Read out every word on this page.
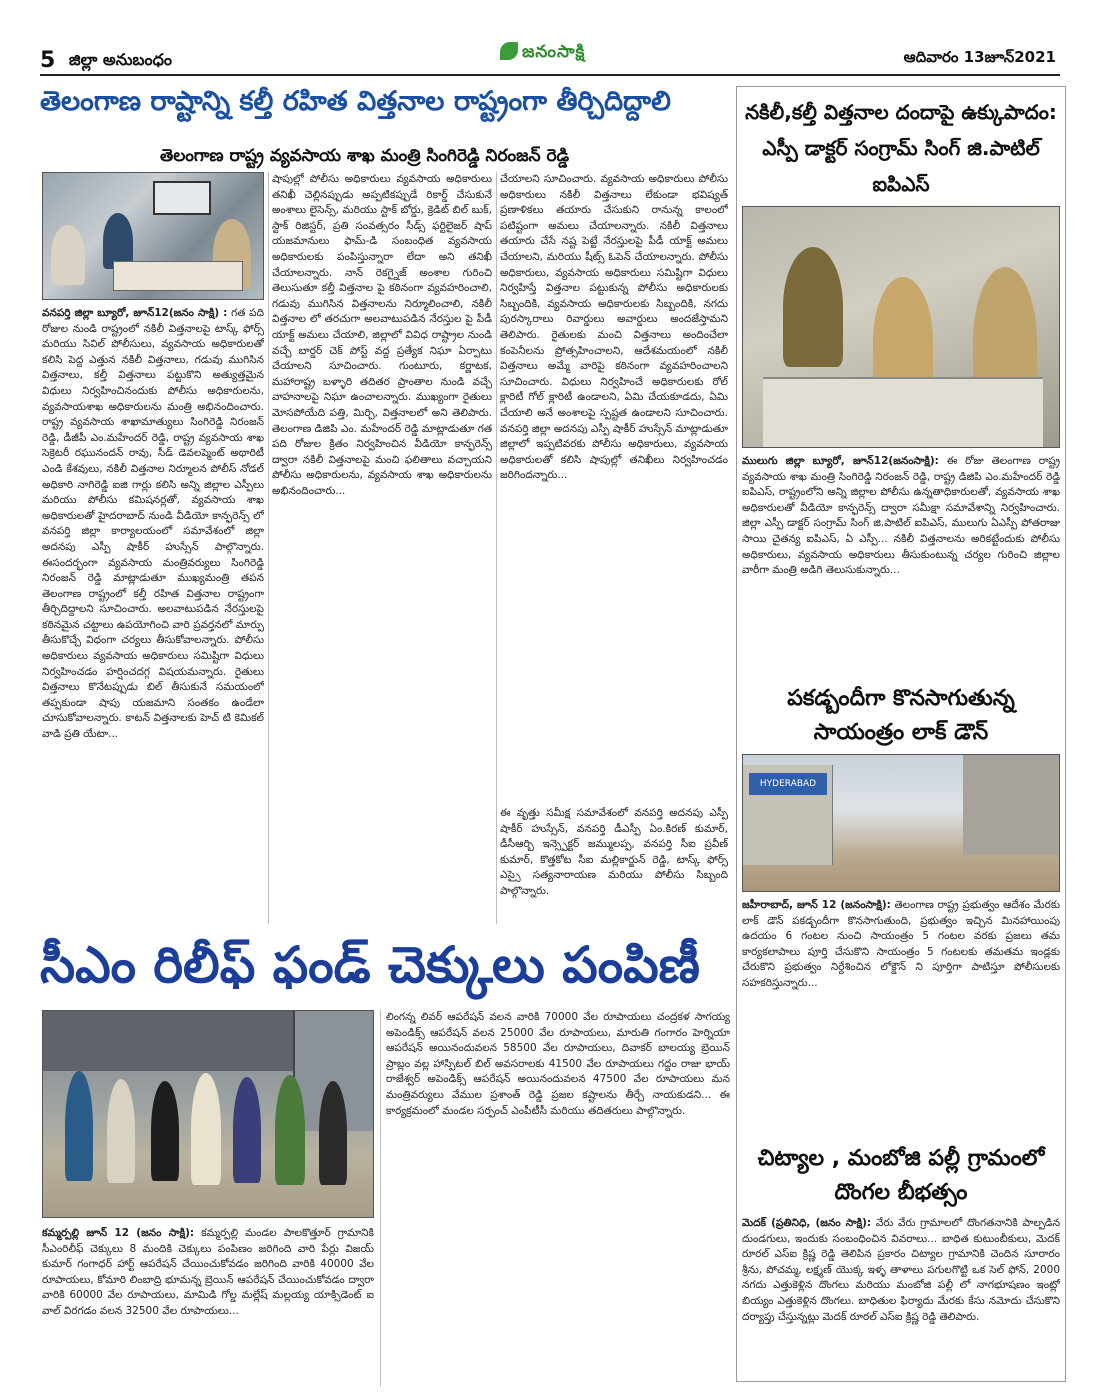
5 జిల్లా అనుబంధం	జనంసాక్షి	ఆదివారం 13జూన్2021
తెలంగాణ రాష్టాన్ని కల్తీ రహిత విత్తనాల రాష్ట్రంగా తీర్చిదిద్దాలి
తెలంగాణ రాష్ట్ర వ్యవసాయ శాఖ మంత్రి సింగిరెడ్డి నిరంజన్ రెడ్డి
వనపర్తి జిల్లా బ్యూరో, జూన్12(జనం సాక్షి) : గత పది రోజుల నుండి రాష్ట్రంలో నకిలీ విత్తనాలపై టాస్క్ ఫోర్స్ మరియు సివిల్ పోలీసులు, వ్యవసాయ అధికారులతో కలిసి పెద్ద ఎత్తున నకిలీ విత్తనాలు, గడువు ముగిసిన విత్తనాలు, కల్తీ విత్తనాలు పట్టుకొని అత్యుత్తమైన విధులు నిర్వహించినందుకు పోలీసు అధికారులను, వ్యవసాయశాఖ అధికారులను మంత్రి అభినందించారు. రాష్ట్ర వ్యవసాయ శాఖామాత్యులు సింగిరెడ్డి నిరంజన్ రెడ్డి, డీజీపీ ఎం.మహేందర్ రెడ్డి, రాష్ట్ర వ్యవసాయ శాఖ సెక్రెటరీ రఘునందన్ రావు, సీడ్ డెవలప్మెంట్ అథారిటీ ఎండి కేశవులు, నకిలీ విత్తనాల నిర్మూలన పోలీస్ నోడల్ అధికారి నాగిరెడ్డి ఐజి గార్లు కలిసి అన్ని జిల్లాల ఎస్పీలు మరియు పోలీసు కమిషనర్లతో, వ్యవసాయ శాఖ అధికారులతో హైదరాబాద్ నుండి వీడియో కాన్ఫరెన్స్ లో వనపర్తి జిల్లా కార్యాలయంలో సమావేశంలో జిల్లా అదనపు ఎస్పీ షాకీర్ హుస్సేన్ పాల్గొన్నారు. ఈసందర్భంగా వ్యవసాయ మంత్రివర్యులు సింగిరెడ్డి నిరంజన్ రెడ్డి మాట్లాడుతూ ముఖ్యమంత్రి తపన తెలంగాణ రాష్ట్రంలో కల్తీ రహిత విత్తనాల రాష్ట్రంగా తీర్చిదిద్దాలని సూచించారు. అలవాటుపడిన నేరస్తులపై కఠినమైన చట్టాలు ఉపయోగించి వారి ప్రవర్తనలో మార్పు తీసుకొచ్చే విధంగా చర్యలు తీసుకోవాలన్నారు. పోలీసు అధికారులు వ్యవసాయ అధికారులు సమిష్టిగా విధులు నిర్వహించడం హర్షించదగ్గ విషయమన్నారు. రైతులు విత్తనాలు కొనేటప్పుడు బిల్ తీసుకునే సమయంలో తప్పకుండా షాపు యజమాని సంతకం ఉండేలా చూసుకోవాలన్నారు. కాటన్ విత్తనాలకు హెచ్ టి కెమికల్ వాడి ప్రతి యేటా...
షాపుల్లో పోలీసు అధికారులు వ్యవసాయ అధికారులు తనిఖీ చెల్లినప్పుడు అప్పటికప్పుడే రికార్డ్ చేసుకునే అంశాలు లైసెన్స్, మరియు స్టాక్ బోర్డు, క్రెడిట్ బిల్ బుక్, స్టాక్ రిజిస్టర్, ప్రతి సంవత్సరం సీడ్స్ ఫర్టిలైజర్ షాప్ యజమానులు ఫామ్-డి సంబంధిత వ్యవసాయ అధికారులకు పంపిస్తున్నారా లేదా అని తనిఖీ చేయాలన్నారు. నాన్ రెకగ్నైజ్ అంశాల గురించి తెలుసుతూ కల్తీ విత్తనాల పై కఠినంగా వ్యవహరించాలి, గడువు ముగిసిన విత్తనాలను నిర్మూలించాలి, నకిలీ విత్తనాల లో తరచుగా అలవాటుపడిన నేరస్తుల పై పీడీ యాక్ట్ అమలు చేయాలి, జిల్లాలో వివిధ రాష్ట్రాల నుండి వచ్చే బార్డర్ చెక్ పోస్ట్ వద్ద ప్రత్యేక నిఘా ఏర్పాటు చేయాలని సూచించారు. గుంటూరు, కర్ణాటక, మహారాష్ట్ర బళ్ళారి తదితర ప్రాంతాల నుండి వచ్చే వాహనాలపై నిఘా ఉంచాలన్నారు. ముఖ్యంగా రైతులు మోసపోయేది పత్తి, మిర్చి, విత్తనాలలో అని తెలిపారు. తెలంగాణ డిజిపి ఎం. మహేందర్ రెడ్డి మాట్లాడుతూ గత పది రోజుల క్రితం నిర్వహించిన వీడియో కాన్ఫరెన్స్ ద్వారా నకిలీ విత్తనాలపై మంచి ఫలితాలు వచ్చాయని పోలీసు అధికారులను, వ్యవసాయ శాఖ అధికారులను అభినందించారు...
చేయాలని సూచించారు. వ్యవసాయ అధికారులు పోలీసు అధికారులు నకిలీ విత్తనాలు లేకుండా భవిష్యత్ ప్రణాళికలు తయారు చేసుకుని రానున్న కాలంలో పటిష్టంగా అమలు చేయాలన్నారు. నకిలీ విత్తనాలు తయారు చేసే నష్ట పెట్టే నేరస్తులపై పీడీ యాక్ట్ అమలు చేయాలని, మరియు షీట్స్ ఓపెన్ చేయాలన్నారు. పోలీసు అధికారులు, వ్యవసాయ అధికారులు సమిష్టిగా విధులు నిర్వహిస్తే విత్తనాల పట్టుకున్న పోలీసు అధికారులకు సిబ్బందికి, వ్యవసాయ అధికారులకు సిబ్బందికి, నగదు పురస్కారాలు రివార్డులు అవార్డులు అందజేస్తామని తెలిపారు. రైతులకు మంచి విత్తనాలు అందించేలా కంపెనీలను ప్రోత్సహించాలని, ఆదేశమయంలో నకిలీ విత్తనాలు అమ్మే వారిపై కఠినంగా వ్యవహరించాలని సూచించారు. విధులు నిర్వహించే అధికారులకు రోల్ క్లారిటీ గోల్ క్లారిటీ ఉండాలని, ఏమి చేయకూడదు, ఏమి చేయాలి అనే అంశాలపై స్పష్టత ఉండాలని సూచించారు. వనపర్తి జిల్లా అదనపు ఎస్పీ షాకీర్ హుస్సేన్ మాట్లాడుతూ జిల్లాలో ఇప్పటివరకు పోలీసు అధికారులు, వ్యవసాయ అధికారులతో కలిసి షాపుల్లో తనిఖీలు నిర్వహించడం జరిగిందన్నారు...
ఈ వృత్తు సమీక్ష సమావేశంలో వనపర్తి అదనపు ఎస్పీ షాకీర్ హుస్సేన్, వనపర్తి డీఎస్పీ ఏం.కిరణ్ కుమార్, డీసీఆర్బి ఇన్స్పెక్టర్ జమ్ములప్ప, వనపర్తి సీఐ ప్రవీణ్ కుమార్, కొత్తకోట సీఐ మల్లికార్జున్ రెడ్డి, టాస్క్ ఫోర్స్ ఎస్సై సత్యనారాయణ మరియు పోలీసు సిబ్బంది పాల్గొన్నారు.
సీఎం రిలీఫ్ ఫండ్ చెక్కులు పంపిణీ
కమ్మర్పల్లి జూన్ 12 (జనం సాక్షి): కమ్మర్పల్లి మండల పాలకొత్తూర్ గ్రామానికి సీఎంరిలీఫ్ చెక్కులు 8 మందికి చెక్కులు పంపిణం జరిగింది వారి పేర్లు విజయ్ కుమార్ గంగాధర్ హార్ట్ ఆపరేషన్ చేయించుకోవడం జరిగింది వారికి 40000 వేల రూపాయలు, కోమారి లింబాద్రి భూమన్న బ్రెయిన్ ఆపరేషన్ చేయించుకోవడం ద్వారా వారికి 60000 వేల రూపాయలు, మామిడి గోల్డ మల్లేష్ మల్లయ్య యాక్సిడెంట్ ఐ వాల్ విరగడం వలన 32500 వేల రూపాయలు...
లింగన్న లివర్ ఆపరేషన్ వలన వారికి 70000 వేల రూపాయలు చంద్రకళ సాగయ్య అపెండిక్స్ ఆపరేషన్ వలన 25000 వేల రూపాయలు, మారుతి గంగారం హెర్నియా ఆపరేషన్ అయినందువలన 58500 వేల రూపాయలు, దివాకర్ బాలయ్య బ్రెయిన్ ప్రాబ్లం వల్ల హాస్పిటల్ బిల్ అవసరాలకు 41500 వేల రూపాయలు గద్దం రాజు భాయ్ రాజేశ్వర్ అపెండిక్స్ ఆపరేషన్ అయినందువలన 47500 వేల రూపాయలు మన మంత్రివర్యులు వేముల ప్రశాంత్ రెడ్డి ప్రజల కష్టాలను తీర్చే నాయకుడని... ఈ కార్యక్రమంలో మండల సర్పంచ్ ఎంపీటీసీ మరియు తదితరులు పాల్గొన్నారు.
నకిలీ,కల్తీ విత్తనాల దందాపై ఉక్కుపాదం: ఎస్పీ డాక్టర్ సంగ్రామ్ సింగ్ జి.పాటిల్ ఐపిఎస్
ములుగు జిల్లా బ్యూరో, జూన్12(జనంసాక్షి): ఈ రోజు తెలంగాణ రాష్ట్ర వ్యవసాయ శాఖ మంత్రి సింగిరెడ్డి నిరంజన్ రెడ్డి, రాష్ట్ర డిజిపి ఎం.మహేందర్ రెడ్డి ఐపిఎస్, రాష్ట్రంలోని అన్ని జిల్లాల పోలీసు ఉన్నతాధికారులతో, వ్యవసాయ శాఖ అధికారులతో వీడియో కాన్ఫరెన్స్ ద్వారా సమీక్షా సమావేశాన్ని నిర్వహించారు. జిల్లా ఎస్పీ డాక్టర్ సంగ్రామ్ సింగ్ జి.పాటిల్ ఐపిఎస్, ములుగు ఏఎస్పీ పోతరాజు సాయి చైతన్య ఐపిఎస్, ఏ ఎస్పీ... నకిలీ విత్తనాలను అరికట్టేందుకు పోలీసు అధికారులు, వ్యవసాయ అధికారులు తీసుకుంటున్న చర్యల గురించి జిల్లాల వారీగా మంత్రి అడిగి తెలుసుకున్నారు...
పకడ్బందీగా కొనసాగుతున్న సాయంత్రం లాక్ డౌన్
HYDERABAD
జహీరాబాద్, జూన్ 12 (జనంసాక్షి): తెలంగాణ రాష్ట్ర ప్రభుత్వం ఆదేశం మేరకు లాక్ డౌన్ పకడ్బందీగా కొనసాగుతుంది, ప్రభుత్వం ఇచ్చిన మినహాయింపు ఉదయం 6 గంటల నుంచి సాయంత్రం 5 గంటల వరకు ప్రజలు తమ కార్యకలాపాలు పూర్తి చేసుకొని సాయంత్రం 5 గంటలకు తమతమ ఇండ్లకు చేరుకొని ప్రభుత్వం నిర్దేశించిన లోక్డౌన్ ని పూర్తిగా పాటిస్తూ పోలీసులకు సహకరిస్తున్నారు...
చిట్యాల , మంబోజి పల్లీ గ్రామంలో దొంగల బీభత్సం
మెదక్ (ప్రతినిధి, (జనం సాక్షి): వేరు వేరు గ్రామాలలో దొంగతనానికి పాల్పడిన దుండగులు, ఇందుకు సంబంధించిన వివరాలు... బాధిత కుటుంబీకులు, మెదక్ రూరల్ ఎస్ఐ క్రిష్ణ రెడ్డి తెలిపిన ప్రకారం చిట్యాల గ్రామానికి చెందిన సూరారం శ్రీను, పోచమ్మ, లక్ష్మణ్ యొక్క ఇళ్ళ తాళాలు పగులగొట్టి ఒక సెల్ ఫోన్, 2000 నగదు ఎత్తుకెళ్లిన దొంగలు మరియు మంబోజి పల్లీ లో నాగభూషణం ఇంట్లో బియ్యం ఎత్తుకెళ్లిన దొంగలు. బాధితుల ఫిర్యాదు మేరకు కేసు నమోదు చేసుకొని దర్యాప్తు చేస్తున్నట్లు మెదక్ రూరల్ ఎస్ఐ క్రిష్ణ రెడ్డి తెలిపారు.
